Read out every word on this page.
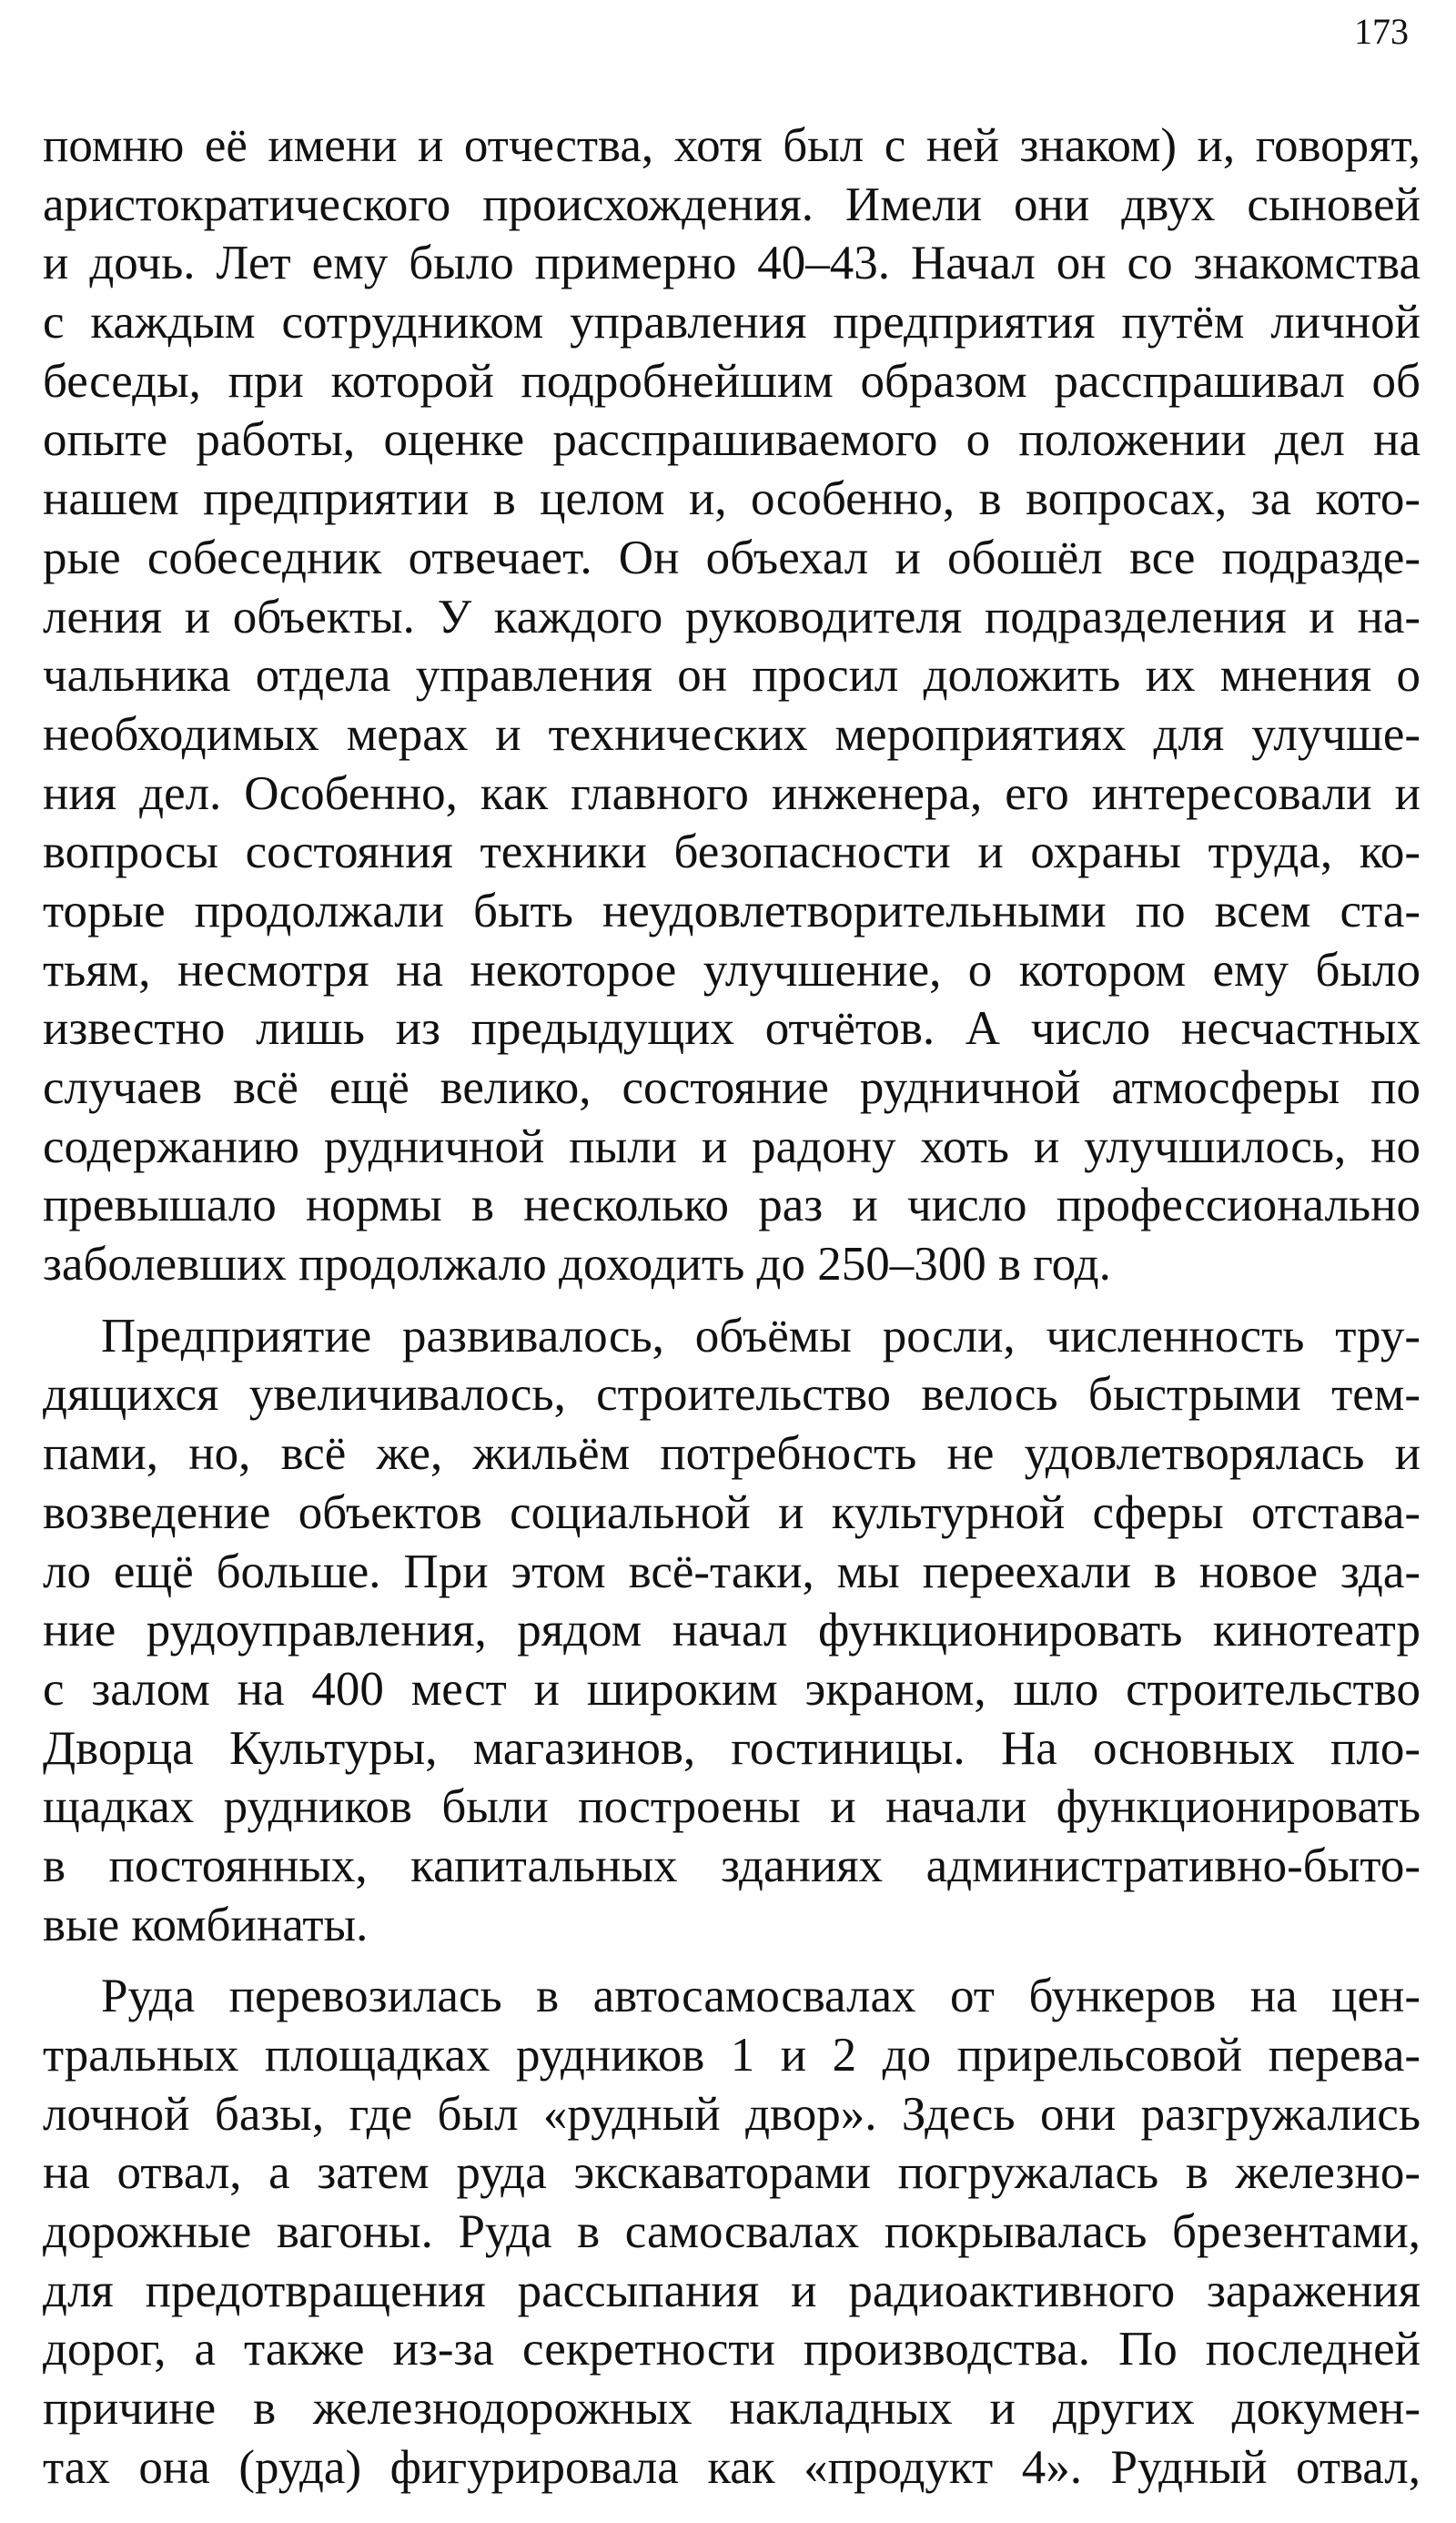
173
помню её имени и отчества, хотя был с ней знаком) и, говорят,
аристократического происхождения. Имели они двух сыновей
и дочь. Лет ему было примерно 40–43. Начал он со знакомства
с каждым сотрудником управления предприятия путём личной
беседы, при которой подробнейшим образом расспрашивал об
опыте работы, оценке расспрашиваемого о положении дел на
нашем предприятии в целом и, особенно, в вопросах, за кото-
рые собеседник отвечает. Он объехал и обошёл все подразде-
ления и объекты. У каждого руководителя подразделения и на-
чальника отдела управления он просил доложить их мнения о
необходимых мерах и технических мероприятиях для улучше-
ния дел. Особенно, как главного инженера, его интересовали и
вопросы состояния техники безопасности и охраны труда, ко-
торые продолжали быть неудовлетворительными по всем ста-
тьям, несмотря на некоторое улучшение, о котором ему было
известно лишь из предыдущих отчётов. А число несчастных
случаев всё ещё велико, состояние рудничной атмосферы по
содержанию рудничной пыли и радону хоть и улучшилось, но
превышало нормы в несколько раз и число профессионально
заболевших продолжало доходить до 250–300 в год.
Предприятие развивалось, объёмы росли, численность тру-
дящихся увеличивалось, строительство велось быстрыми тем-
пами, но, всё же, жильём потребность не удовлетворялась и
возведение объектов социальной и культурной сферы отстава-
ло ещё больше. При этом всё-таки, мы переехали в новое зда-
ние рудоуправления, рядом начал функционировать кинотеатр
с залом на 400 мест и широким экраном, шло строительство
Дворца Культуры, магазинов, гостиницы. На основных пло-
щадках рудников были построены и начали функционировать
в постоянных, капитальных зданиях административно-быто-
вые комбинаты.
Руда перевозилась в автосамосвалах от бункеров на цен-
тральных площадках рудников 1 и 2 до прирельсовой перева-
лочной базы, где был «рудный двор». Здесь они разгружались
на отвал, а затем руда экскаваторами погружалась в железно-
дорожные вагоны. Руда в самосвалах покрывалась брезентами,
для предотвращения рассыпания и радиоактивного заражения
дорог, а также из-за секретности производства. По последней
причине в железнодорожных накладных и других докумен-
тах она (руда) фигурировала как «продукт 4». Рудный отвал,
